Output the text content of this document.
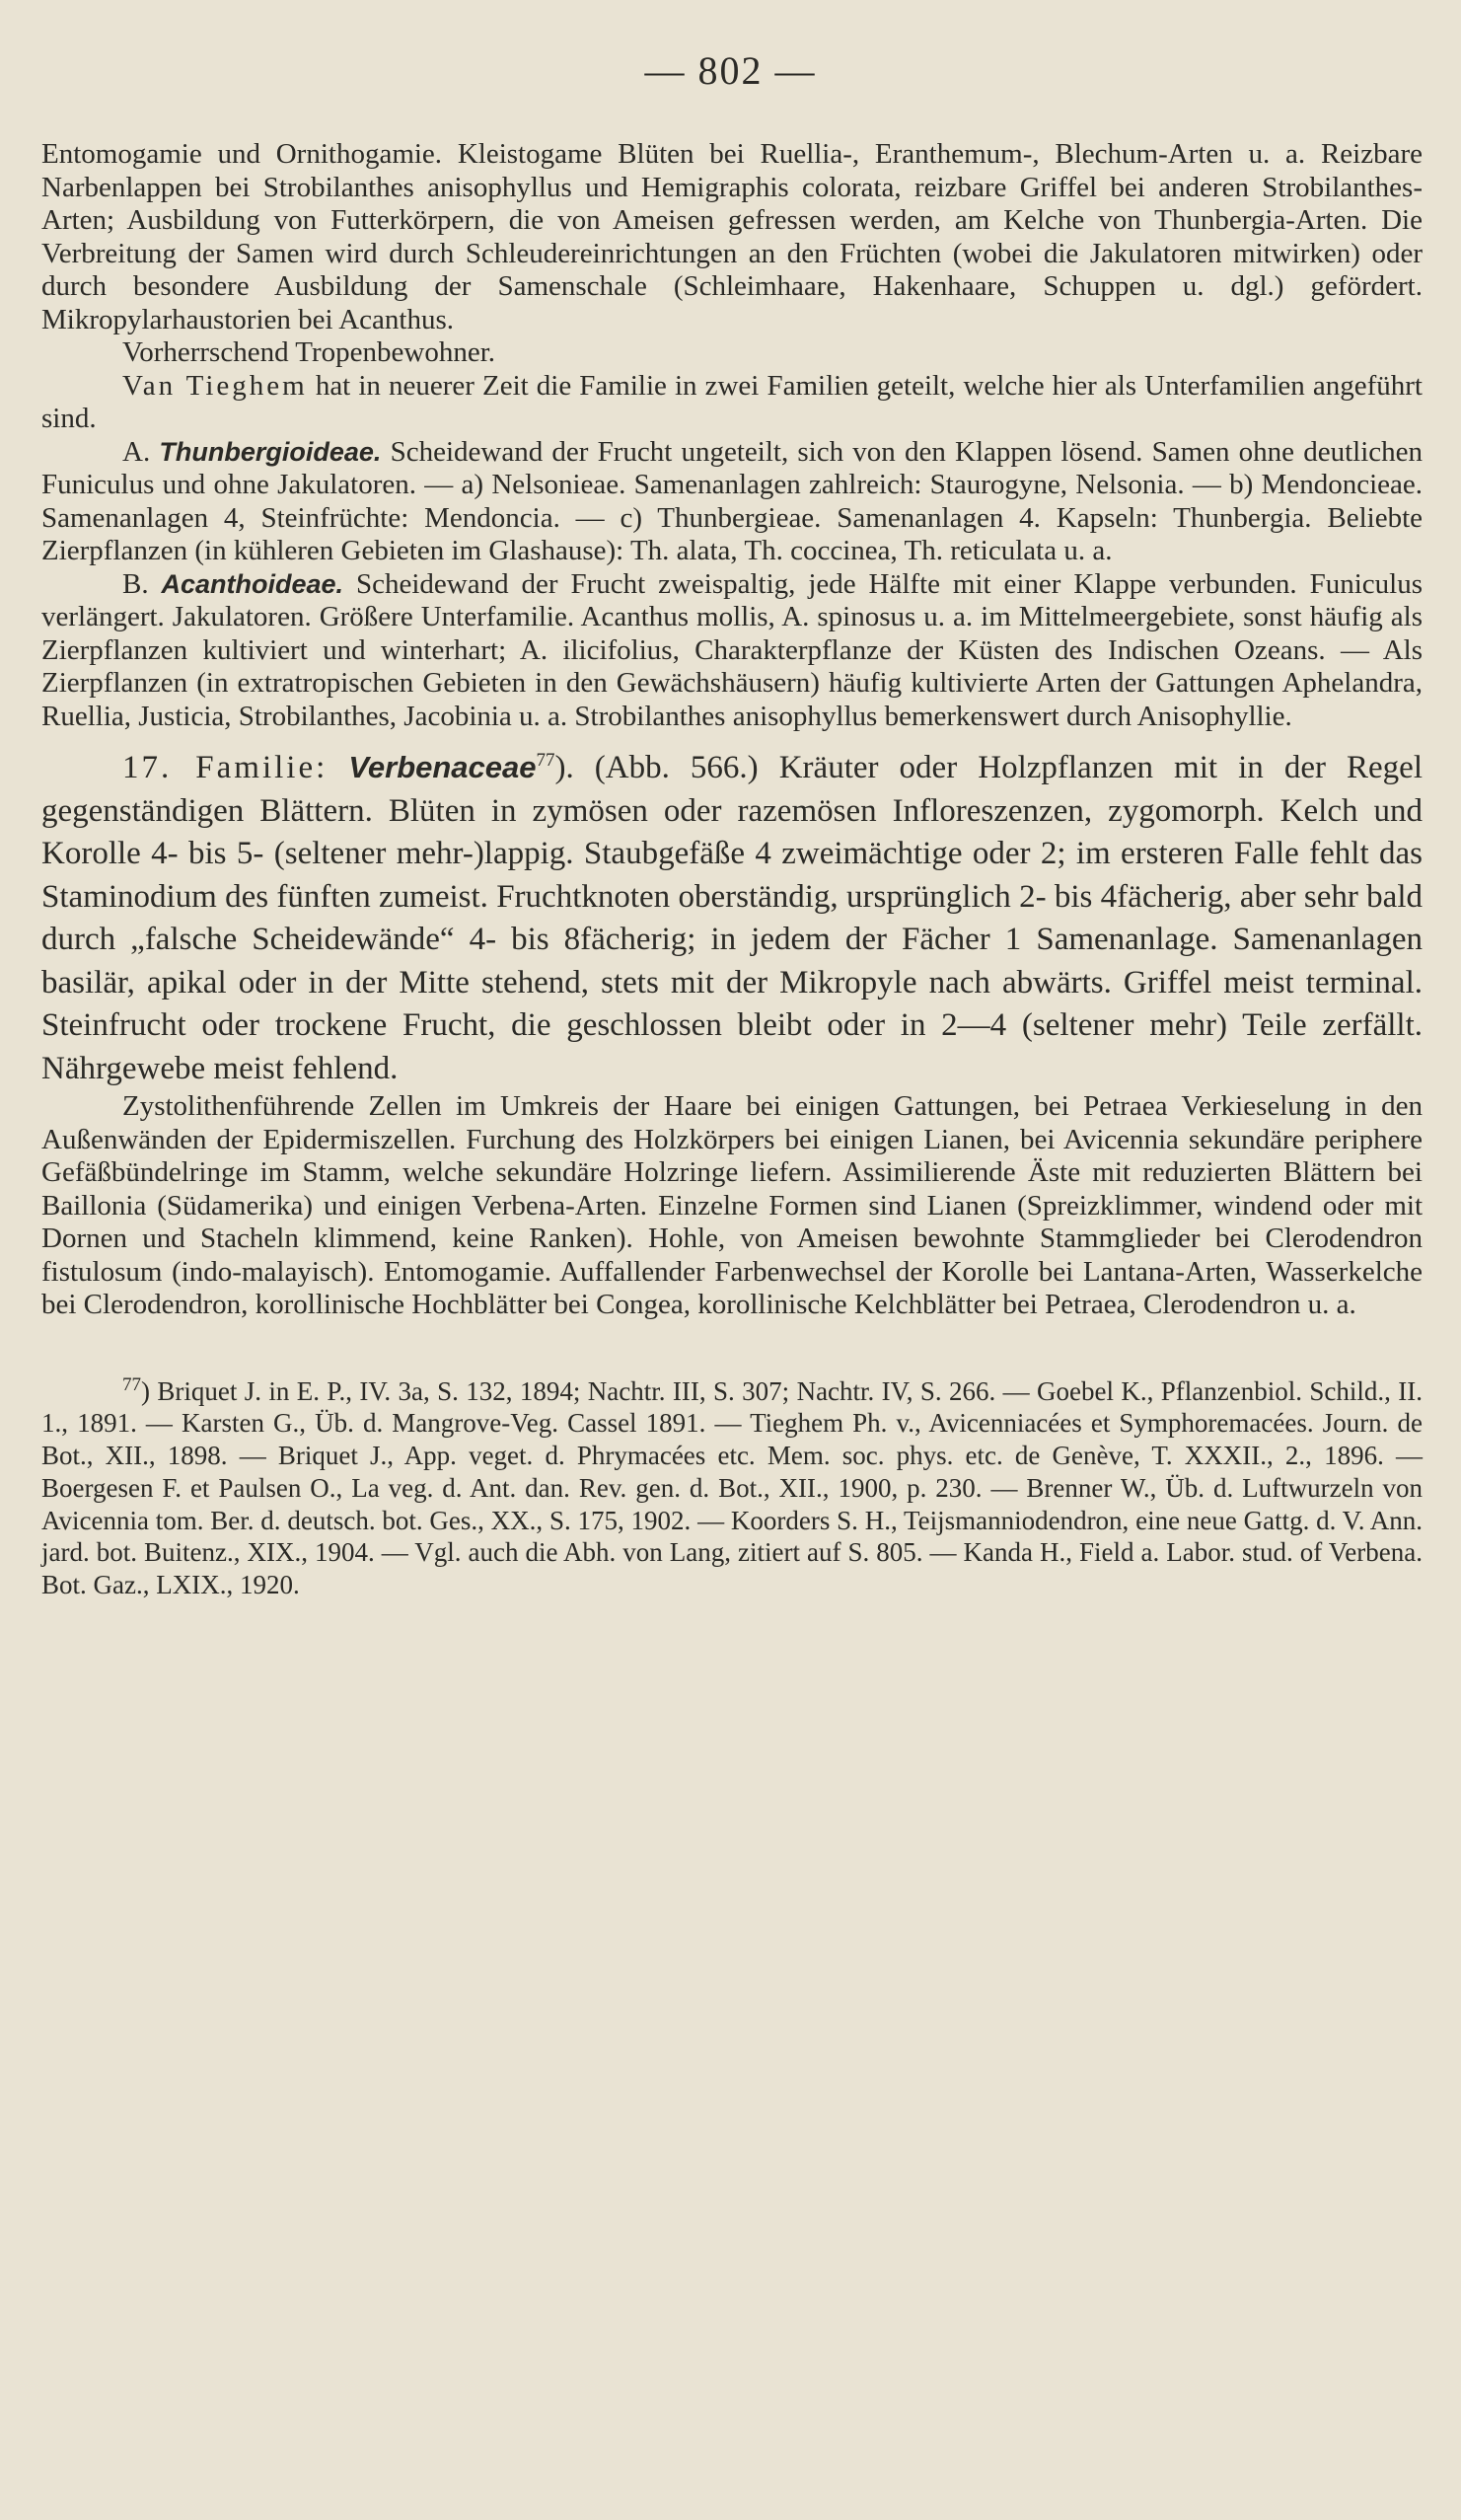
— 802 —

Entomogamie und Ornithogamie. Kleistogame Blüten bei Ruellia-, Eranthemum-, Blechum-Arten u. a. Reizbare Narbenlappen bei Strobilanthes anisophyllus und Hemigraphis colorata, reizbare Griffel bei anderen Strobilanthes-Arten; Ausbildung von Futterkörpern, die von Ameisen gefressen werden, am Kelche von Thunbergia-Arten. Die Verbreitung der Samen wird durch Schleudereinrichtungen an den Früchten (wobei die Jakulatoren mitwirken) oder durch besondere Ausbildung der Samenschale (Schleimhaare, Hakenhaare, Schuppen u. dgl.) gefördert. Mikropylarhaustorien bei Acanthus.

Vorherrschend Tropenbewohner.

Van Tieghem hat in neuerer Zeit die Familie in zwei Familien geteilt, welche hier als Unterfamilien angeführt sind.

A. Thunbergioideae. Scheidewand der Frucht ungeteilt, sich von den Klappen lösend. Samen ohne deutlichen Funiculus und ohne Jakulatoren. — a) Nelsonieae. Samenanlagen zahlreich: Staurogyne, Nelsonia. — b) Mendoncieae. Samenanlagen 4, Steinfrüchte: Mendoncia. — c) Thunbergieae. Samenanlagen 4. Kapseln: Thunbergia. Beliebte Zierpflanzen (in kühleren Gebieten im Glashause): Th. alata, Th. coccinea, Th. reticulata u. a.

B. Acanthoideae. Scheidewand der Frucht zweispaltig, jede Hälfte mit einer Klappe verbunden. Funiculus verlängert. Jakulatoren. Größere Unterfamilie. Acanthus mollis, A. spinosus u. a. im Mittelmeergebiete, sonst häufig als Zierpflanzen kultiviert und winterhart; A. ilicifolius, Charakterpflanze der Küsten des Indischen Ozeans. — Als Zierpflanzen (in extratropischen Gebieten in den Gewächshäusern) häufig kultivierte Arten der Gattungen Aphelandra, Ruellia, Justicia, Strobilanthes, Jacobinia u. a. Strobilanthes anisophyllus bemerkenswert durch Anisophyllie.

17. Familie: Verbenaceae$^{77}$). (Abb. 566.) Kräuter oder Holzpflanzen mit in der Regel gegenständigen Blättern. Blüten in zymösen oder razemösen Infloreszenzen, zygomorph. Kelch und Korolle 4- bis 5- (seltener mehr-)lappig. Staubgefäße 4 zweimächtige oder 2; im ersteren Falle fehlt das Staminodium des fünften zumeist. Fruchtknoten oberständig, ursprünglich 2- bis 4fächerig, aber sehr bald durch „falsche Scheidewände“ 4- bis 8fächerig; in jedem der Fächer 1 Samenanlage. Samenanlagen basilär, apikal oder in der Mitte stehend, stets mit der Mikropyle nach abwärts. Griffel meist terminal. Steinfrucht oder trockene Frucht, die geschlossen bleibt oder in 2—4 (seltener mehr) Teile zerfällt. Nährgewebe meist fehlend.

Zystolithenführende Zellen im Umkreis der Haare bei einigen Gattungen, bei Petraea Verkieselung in den Außenwänden der Epidermiszellen. Furchung des Holzkörpers bei einigen Lianen, bei Avicennia sekundäre periphere Gefäßbündelringe im Stamm, welche sekundäre Holzringe liefern. Assimilierende Äste mit reduzierten Blättern bei Baillonia (Südamerika) und einigen Verbena-Arten. Einzelne Formen sind Lianen (Spreizklimmer, windend oder mit Dornen und Stacheln klimmend, keine Ranken). Hohle, von Ameisen bewohnte Stammglieder bei Clerodendron fistulosum (indo-malayisch). Entomogamie. Auffallender Farbenwechsel der Korolle bei Lantana-Arten, Wasserkelche bei Clerodendron, korollinische Hochblätter bei Congea, korollinische Kelchblätter bei Petraea, Clerodendron u. a.

$^{77}$) Briquet J. in E. P., IV. 3a, S. 132, 1894; Nachtr. III, S. 307; Nachtr. IV, S. 266. — Goebel K., Pflanzenbiol. Schild., II. 1., 1891. — Karsten G., Üb. d. Mangrove-Veg. Cassel 1891. — Tieghem Ph. v., Avicenniacées et Symphoremacées. Journ. de Bot., XII., 1898. — Briquet J., App. veget. d. Phrymacées etc. Mem. soc. phys. etc. de Genève, T. XXXII., 2., 1896. — Boergesen F. et Paulsen O., La veg. d. Ant. dan. Rev. gen. d. Bot., XII., 1900, p. 230. — Brenner W., Üb. d. Luftwurzeln von Avicennia tom. Ber. d. deutsch. bot. Ges., XX., S. 175, 1902. — Koorders S. H., Teijsmanniodendron, eine neue Gattg. d. V. Ann. jard. bot. Buitenz., XIX., 1904. — Vgl. auch die Abh. von Lang, zitiert auf S. 805. — Kanda H., Field a. Labor. stud. of Verbena. Bot. Gaz., LXIX., 1920.
